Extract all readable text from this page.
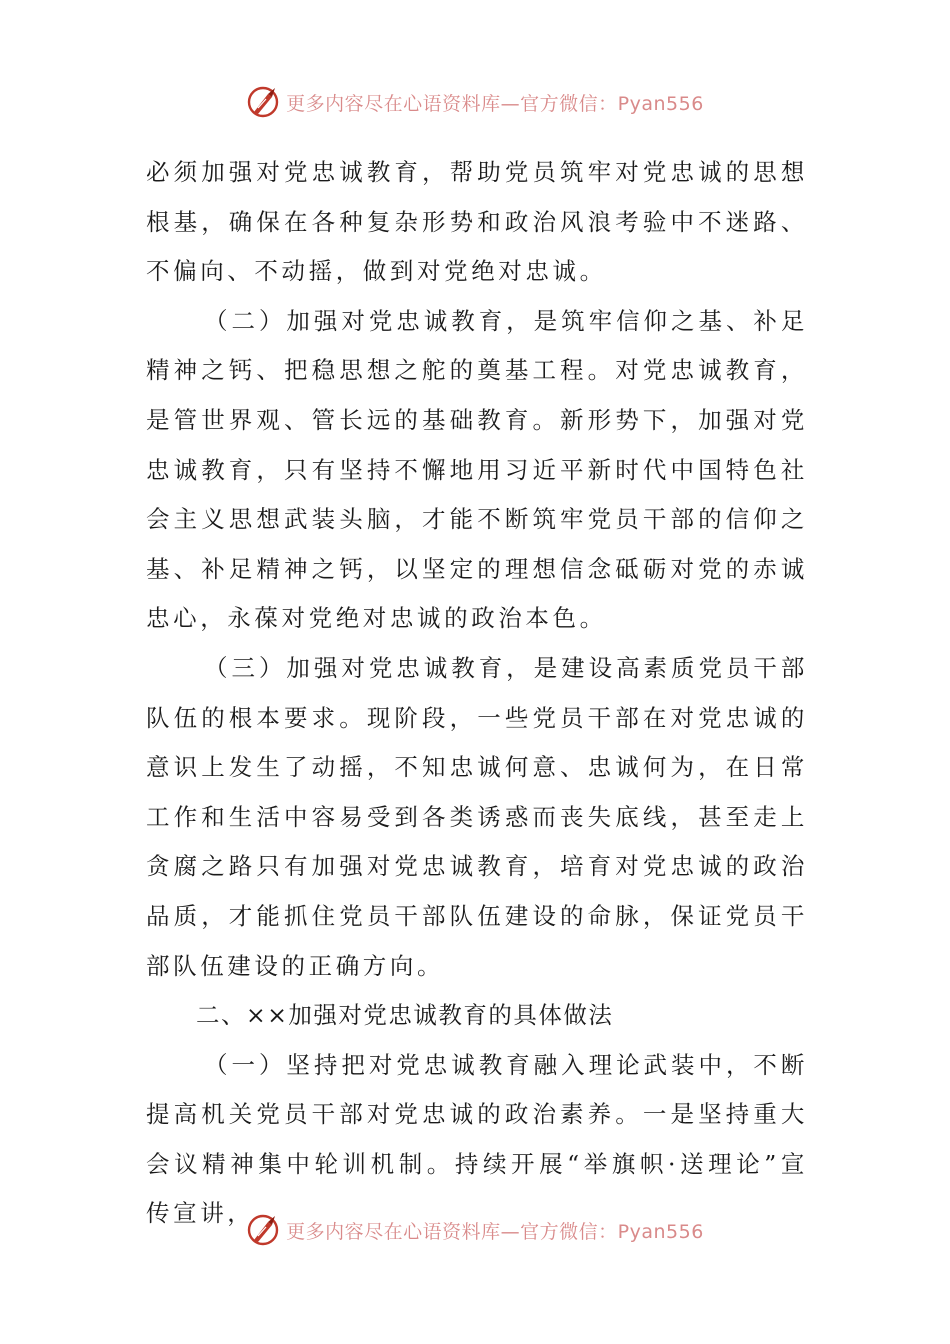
更多内容尽在心语资料库—官方微信：Pyan556

必须加强对党忠诚教育，帮助党员筑牢对党忠诚的思想根基，确保在各种复杂形势和政治风浪考验中不迷路、不偏向、不动摇，做到对党绝对忠诚。

（二）加强对党忠诚教育，是筑牢信仰之基、补足精神之钙、把稳思想之舵的奠基工程。对党忠诚教育，是管世界观、管长远的基础教育。新形势下，加强对党忠诚教育，只有坚持不懈地用习近平新时代中国特色社会主义思想武装头脑，才能不断筑牢党员干部的信仰之基、补足精神之钙，以坚定的理想信念砥砺对党的赤诚忠心，永葆对党绝对忠诚的政治本色。

（三）加强对党忠诚教育，是建设高素质党员干部队伍的根本要求。现阶段，一些党员干部在对党忠诚的意识上发生了动摇，不知忠诚何意、忠诚何为，在日常工作和生活中容易受到各类诱惑而丧失底线，甚至走上贪腐之路只有加强对党忠诚教育，培育对党忠诚的政治品质，才能抓住党员干部队伍建设的命脉，保证党员干部队伍建设的正确方向。

二、××加强对党忠诚教育的具体做法

（一）坚持把对党忠诚教育融入理论武装中，不断提高机关党员干部对党忠诚的政治素养。一是坚持重大会议精神集中轮训机制。持续开展“举旗帜·送理论”宣传宣讲，

更多内容尽在心语资料库—官方微信：Pyan556
